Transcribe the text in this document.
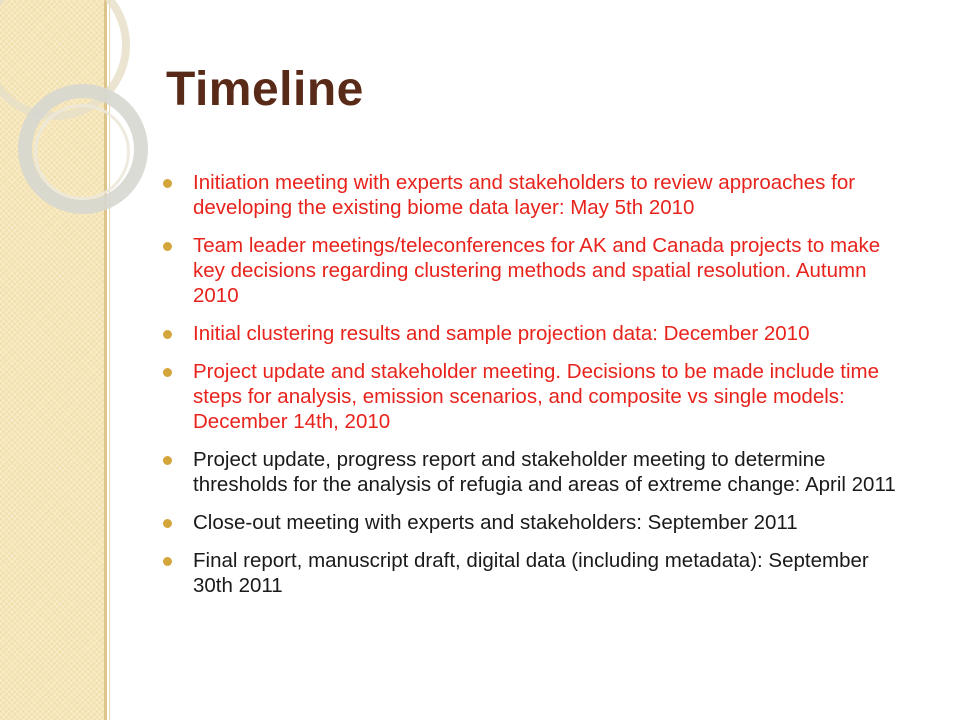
Timeline
Initiation meeting with experts and stakeholders to review approaches for developing the existing biome data layer: May 5th 2010
Team leader meetings/teleconferences for AK and Canada projects to make key decisions regarding clustering methods and spatial resolution. Autumn 2010
Initial clustering results and sample projection data: December 2010
Project update and stakeholder meeting. Decisions to be made include time steps for analysis, emission scenarios, and composite vs single models: December 14th, 2010
Project update, progress report and stakeholder meeting to determine thresholds for the analysis of refugia and areas of extreme change: April 2011
Close-out meeting with experts and stakeholders: September 2011
Final report, manuscript draft, digital data (including metadata): September 30th 2011
